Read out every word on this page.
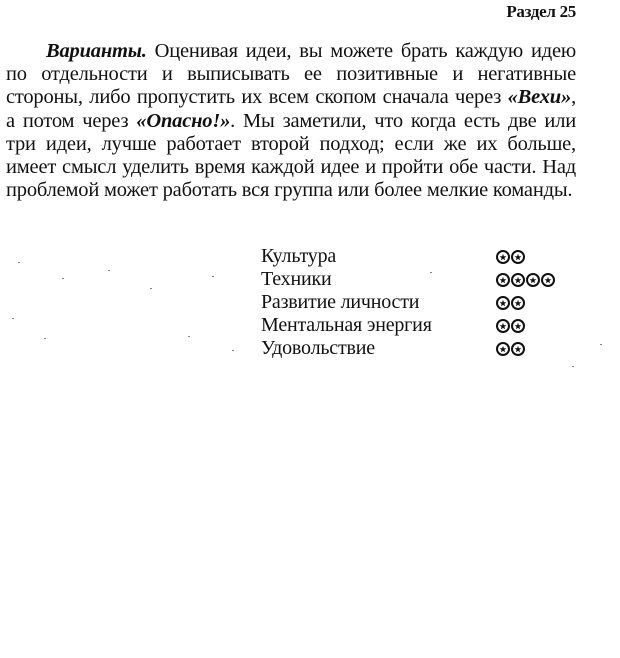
Раздел 25
Варианты. Оценивая идеи, вы можете брать каждую идею по отдельности и выписывать ее позитивные и негативные стороны, либо пропустить их всем скопом сначала через «Вехи», а потом через «Опасно!». Мы заметили, что когда есть две или три идеи, лучше работает второй подход; если же их больше, имеет смысл уделить время каждой идее и пройти обе части. Над проблемой может работать вся группа или более мелкие команды.
Культура
Техники
Развитие личности
Ментальная энергия
Удовольствие
